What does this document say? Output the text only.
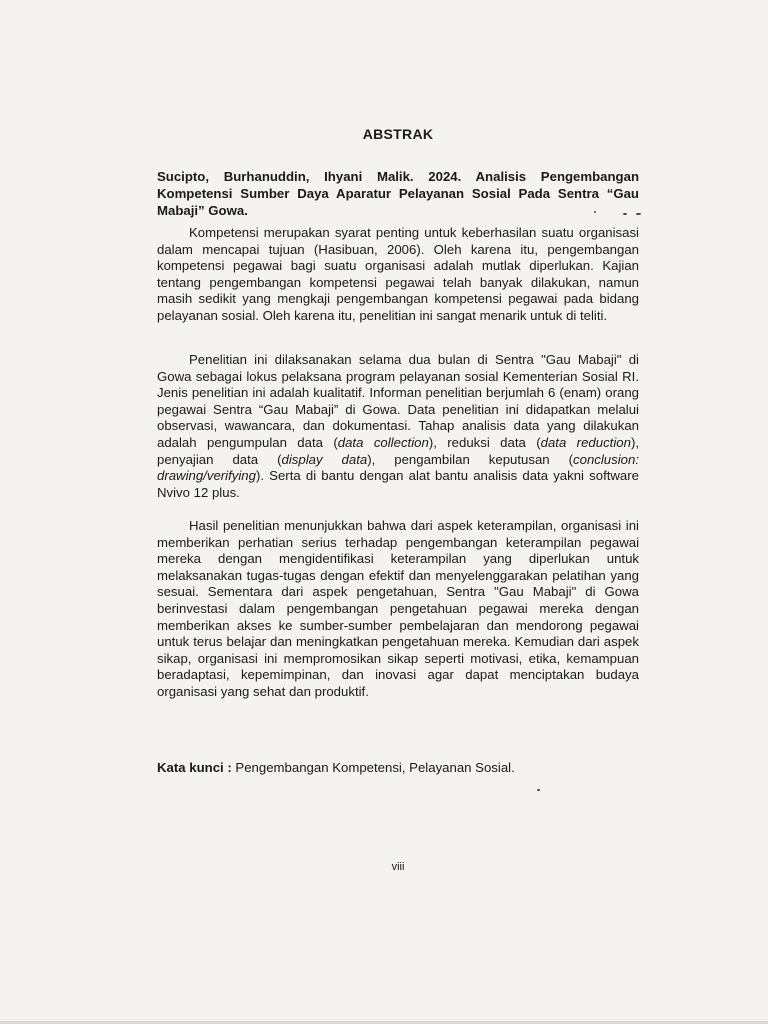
ABSTRAK
Sucipto, Burhanuddin, Ihyani Malik. 2024. Analisis Pengembangan Kompetensi Sumber Daya Aparatur Pelayanan Sosial Pada Sentra “Gau Mabaji” Gowa.

Kompetensi merupakan syarat penting untuk keberhasilan suatu organisasi dalam mencapai tujuan (Hasibuan, 2006). Oleh karena itu, pengembangan kompetensi pegawai bagi suatu organisasi adalah mutlak diperlukan. Kajian tentang pengembangan kompetensi pegawai telah banyak dilakukan, namun masih sedikit yang mengkaji pengembangan kompetensi pegawai pada bidang pelayanan sosial. Oleh karena itu, penelitian ini sangat menarik untuk di teliti.

Penelitian ini dilaksanakan selama dua bulan di Sentra "Gau Mabaji" di Gowa sebagai lokus pelaksana program pelayanan sosial Kementerian Sosial RI. Jenis penelitian ini adalah kualitatif. Informan penelitian berjumlah 6 (enam) orang pegawai Sentra “Gau Mabaji” di Gowa. Data penelitian ini didapatkan melalui observasi, wawancara, dan dokumentasi. Tahap analisis data yang dilakukan adalah pengumpulan data (data collection), reduksi data (data reduction), penyajian data (display data), pengambilan keputusan (conclusion: drawing/verifying). Serta di bantu dengan alat bantu analisis data yakni software Nvivo 12 plus.

Hasil penelitian menunjukkan bahwa dari aspek keterampilan, organisasi ini memberikan perhatian serius terhadap pengembangan keterampilan pegawai mereka dengan mengidentifikasi keterampilan yang diperlukan untuk melaksanakan tugas-tugas dengan efektif dan menyelenggarakan pelatihan yang sesuai. Sementara dari aspek pengetahuan, Sentra "Gau Mabaji" di Gowa berinvestasi dalam pengembangan pengetahuan pegawai mereka dengan memberikan akses ke sumber-sumber pembelajaran dan mendorong pegawai untuk terus belajar dan meningkatkan pengetahuan mereka. Kemudian dari aspek sikap, organisasi ini mempromosikan sikap seperti motivasi, etika, kemampuan beradaptasi, kepemimpinan, dan inovasi agar dapat menciptakan budaya organisasi yang sehat dan produktif.

Kata kunci : Pengembangan Kompetensi, Pelayanan Sosial.
viii
